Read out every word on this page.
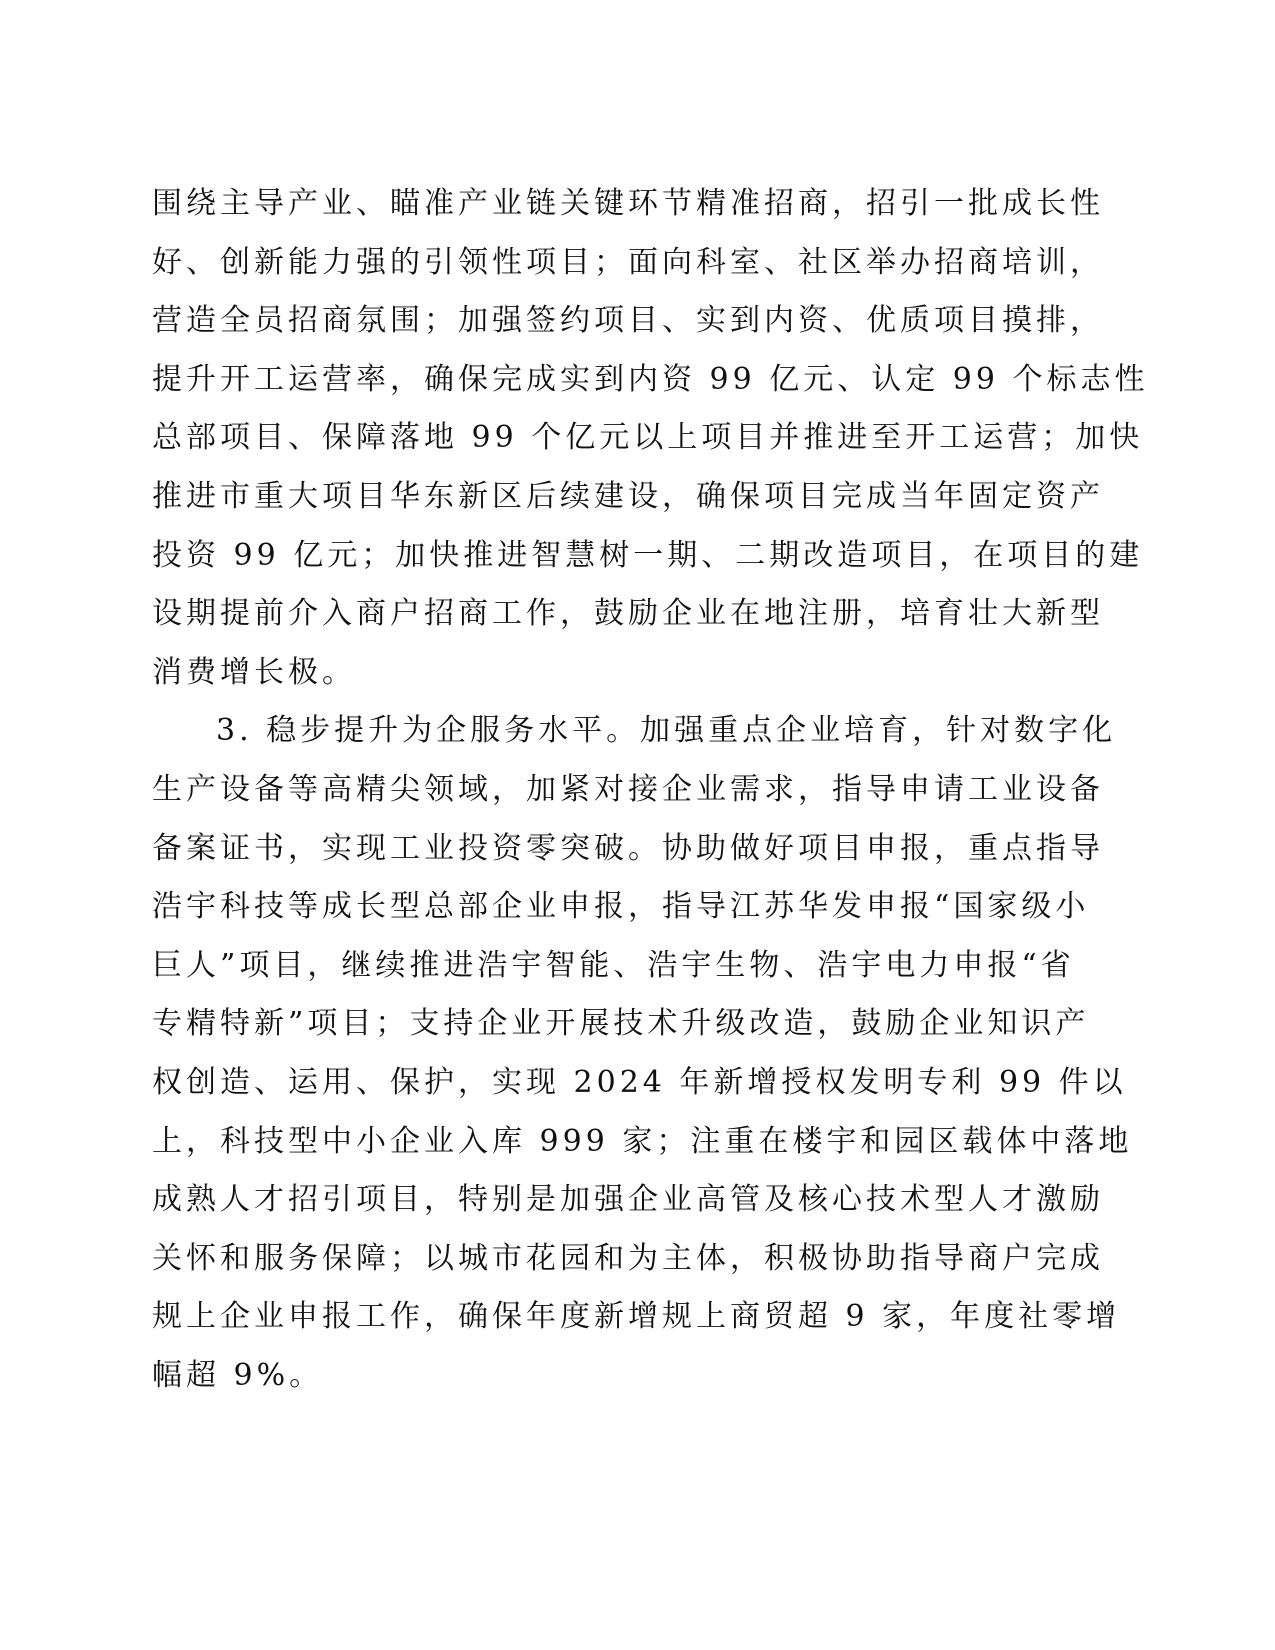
围绕主导产业、瞄准产业链关键环节精准招商，招引一批成长性
好、创新能力强的引领性项目；面向科室、社区举办招商培训，
营造全员招商氛围；加强签约项目、实到内资、优质项目摸排，
提升开工运营率，确保完成实到内资 99 亿元、认定 99 个标志性
总部项目、保障落地 99 个亿元以上项目并推进至开工运营；加快
推进市重大项目华东新区后续建设，确保项目完成当年固定资产
投资 99 亿元；加快推进智慧树一期、二期改造项目，在项目的建
设期提前介入商户招商工作，鼓励企业在地注册，培育壮大新型
消费增长极。
3. 稳步提升为企服务水平。加强重点企业培育，针对数字化
生产设备等高精尖领域，加紧对接企业需求，指导申请工业设备
备案证书，实现工业投资零突破。协助做好项目申报，重点指导
浩宇科技等成长型总部企业申报，指导江苏华发申报“国家级小
巨人”项目，继续推进浩宇智能、浩宇生物、浩宇电力申报“省
专精特新”项目；支持企业开展技术升级改造，鼓励企业知识产
权创造、运用、保护，实现 2024 年新增授权发明专利 99 件以
上，科技型中小企业入库 999 家；注重在楼宇和园区载体中落地
成熟人才招引项目，特别是加强企业高管及核心技术型人才激励
关怀和服务保障；以城市花园和为主体，积极协助指导商户完成
规上企业申报工作，确保年度新增规上商贸超 9 家，年度社零增
幅超 9%。
